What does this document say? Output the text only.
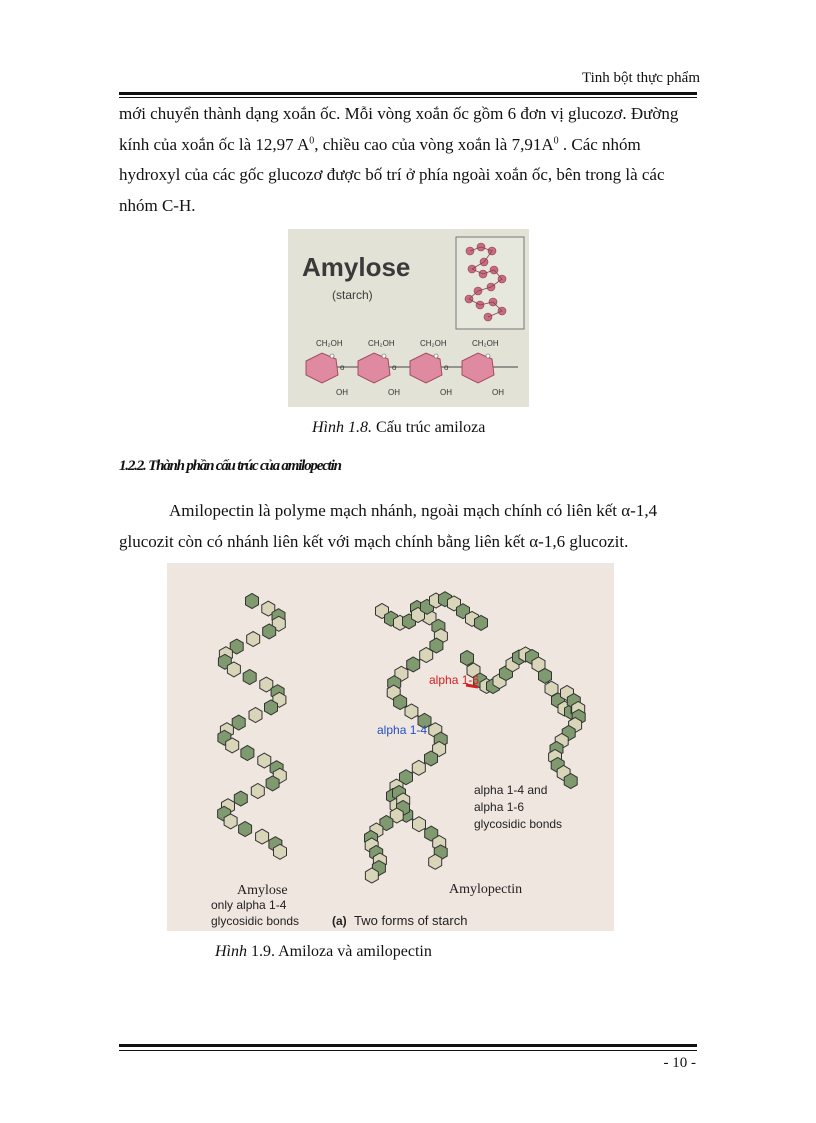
Tinh bột thực phẩm
mới chuyển thành dạng xoắn ốc. Mỗi vòng xoắn ốc gồm 6 đơn vị glucozơ. Đường
kính của xoắn ốc là 12,97 $A^0$, chiều cao của vòng xoắn là $7,91A^0$ . Các nhóm
hydroxyl của các gốc glucozơ được bố trí ở phía ngoài xoắn ốc, bên trong là các
nhóm C-H.
Amylose
(starch)
CH₂OH	CH₂OH	CH₂OH	CH₂OH
o	o	o
OH	OH	OH	OH
Hình 1.8. Cấu trúc amiloza
1.2.2. Thành phần cấu trúc của amilopectin
Amilopectin là polyme mạch nhánh, ngoài mạch chính có liên kết α-1,4
glucozit còn có nhánh liên kết với mạch chính bằng liên kết α-1,6 glucozit.
alpha 1-6
alpha 1-4
alpha 1-4 and
alpha 1-6
glycosidic bonds
Amylose
only alpha 1-4
glycosidic bonds	(a) Two forms of starch
Amylopectin
Hình 1.9. Amiloza và amilopectin
- 10 -
